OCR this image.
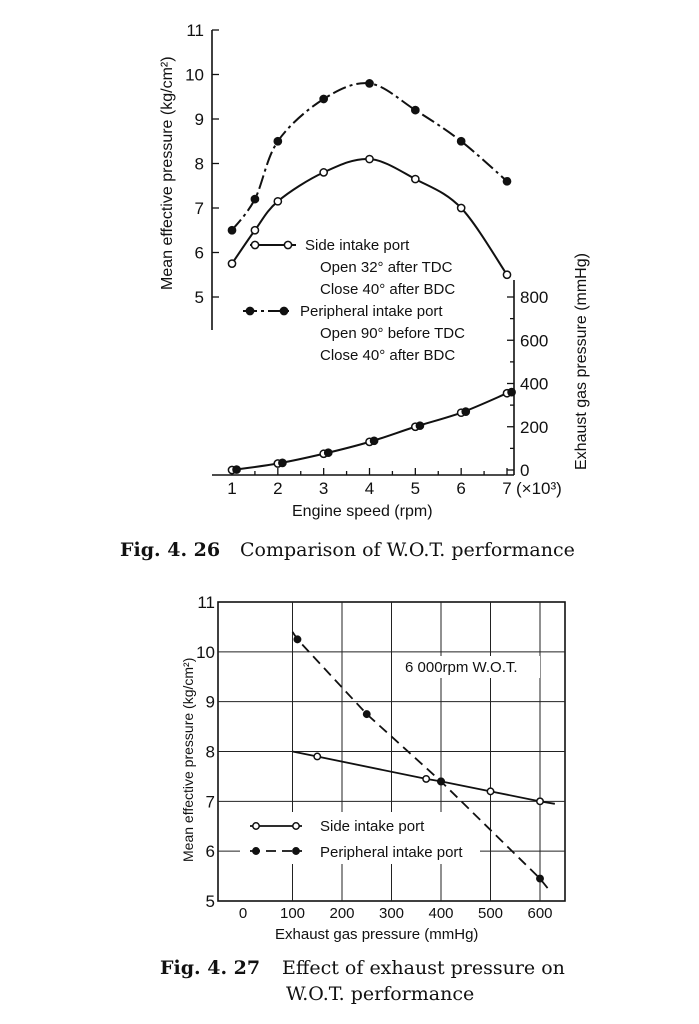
5
6
7
8
9
10
11
0
200
400
600
800
1 2 3 4 5 6 7
0 100 200 300 400 500 600
5
6
7
8
9
10
11
Mean effective pressure (kg/cm²)
Exhaust gas pressure (mmHg)
Engine speed (rpm)
(×10³)
Side intake port
Open 32° after TDC
Close 40° after BDC
Peripheral intake port
Open 90° before TDC
Close 40° after BDC
Fig. 4. 26 Comparison of W.O.T. performance
Mean effective pressure (kg/cm²)
Exhaust gas pressure (mmHg)
6 000rpm W.O.T.
Side intake port
Peripheral intake port
Fig. 4. 27 Effect of exhaust pressure on
W.O.T. performance
